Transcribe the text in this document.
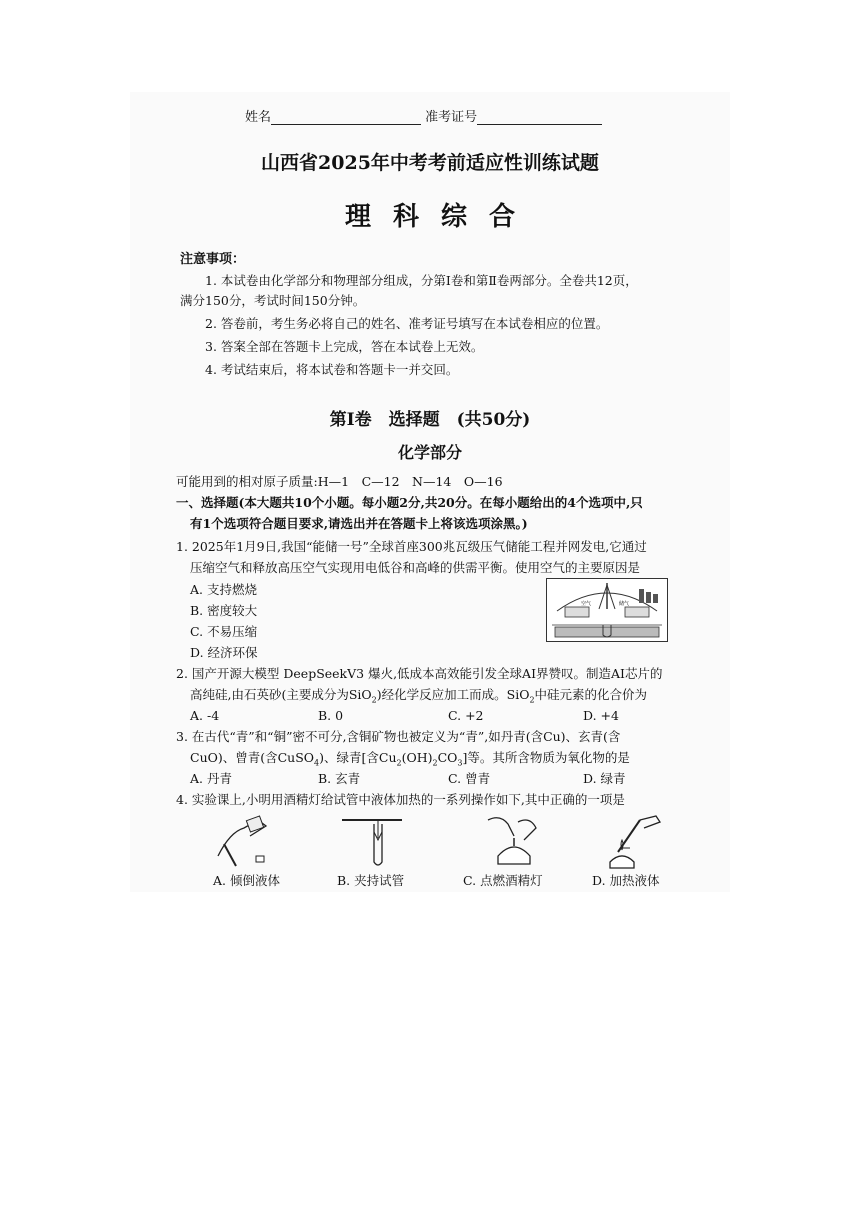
姓名	准考证号
山西省2025年中考考前适应性训练试题
理科综合
注意事项：
1. 本试卷由化学部分和物理部分组成，分第Ⅰ卷和第Ⅱ卷两部分。全卷共12页，
满分150分，考试时间150分钟。
2. 答卷前，考生务必将自己的姓名、准考证号填写在本试卷相应的位置。
3. 答案全部在答题卡上完成，答在本试卷上无效。
4. 考试结束后，将本试卷和答题卡一并交回。
第Ⅰ卷　选择题　(共50分)
化学部分
可能用到的相对原子质量:H—1　C—12　N—14　O—16
一、选择题(本大题共10个小题。每小题2分,共20分。在每小题给出的4个选项中,只
有1个选项符合题目要求,请选出并在答题卡上将该选项涂黑。)
1. 2025年1月9日,我国“能储一号”全球首座300兆瓦级压气储能工程并网发电,它通过
压缩空气和释放高压空气实现用电低谷和高峰的供需平衡。使用空气的主要原因是
A. 支持燃烧
B. 密度较大
C. 不易压缩
D. 经济环保
空气	储气
2. 国产开源大模型 DeepSeekV3 爆火,低成本高效能引发全球AI界赞叹。制造AI芯片的
高纯硅,由石英砂(主要成分为SiO$_2$)经化学反应加工而成。SiO$_2$中硅元素的化合价为
A. -4	B. 0	C. +2	D. +4
3. 在古代“青”和“铜”密不可分,含铜矿物也被定义为“青”,如丹青(含Cu)、玄青(含
CuO)、曾青(含CuSO$_4$)、绿青[含$Cu_2(OH)_2CO_3$]等。其所含物质为氧化物的是
A. 丹青	B. 玄青	C. 曾青	D. 绿青
4. 实验课上,小明用酒精灯给试管中液体加热的一系列操作如下,其中正确的一项是
A. 倾倒液体	B. 夹持试管	C. 点燃酒精灯	D. 加热液体
